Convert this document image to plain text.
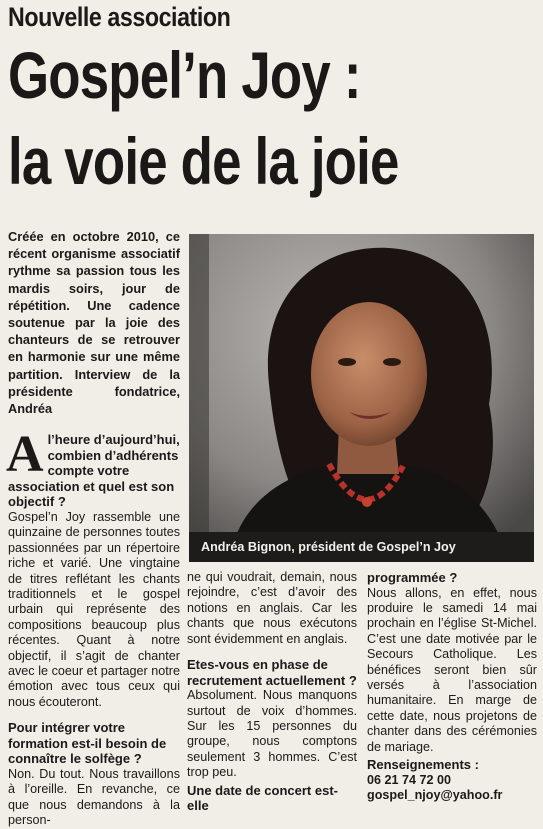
Nouvelle association
Gospel’n Joy :
la voie de la joie
Créée en octobre 2010, ce récent organisme associatif rythme sa passion tous les mardis soirs, jour de répétition. Une cadence soutenue par la joie des chanteurs de se retrouver en harmonie sur une même partition. Interview de la présidente fondatrice, Andréa
Andréa Bignon, président de Gospel’n Joy

Al’heure d’aujourd’hui, combien d’adhérents compte votre association et quel est son objectif ?

Gospel’n Joy rassemble une quinzaine de personnes toutes passionnées par un répertoire riche et varié. Une vingtaine de titres reflétant les chants traditionnels et le gospel urbain qui représente des compositions beaucoup plus récentes. Quant à notre objectif, il s’agit de chanter avec le coeur et partager notre émotion avec tous ceux qui nous écouteront.

Pour intégrer votre formation est-il besoin de connaître le solfège ?

Non. Du tout. Nous travaillons à l’oreille. En revanche, ce que nous demandons à la person-

ne qui voudrait, demain, nous rejoindre, c’est d’avoir des notions en anglais. Car les chants que nous exécutons sont évidemment en anglais.

Etes-vous en phase de recrutement actuellement ?

Absolument. Nous manquons surtout de voix d’hommes. Sur les 15 personnes du groupe, nous comptons seulement 3 hommes. C’est trop peu.

Une date de concert est-elle

programmée ?

Nous allons, en effet, nous produire le samedi 14 mai prochain en l’église St-Michel. C’est une date motivée par le Secours Catholique. Les bénéfices seront bien sûr versés à l’association humanitaire. En marge de cette date, nous projetons de chanter dans des cérémonies de mariage.

Renseignements :

06 21 74 72 00

gospel_njoy@yahoo.fr
